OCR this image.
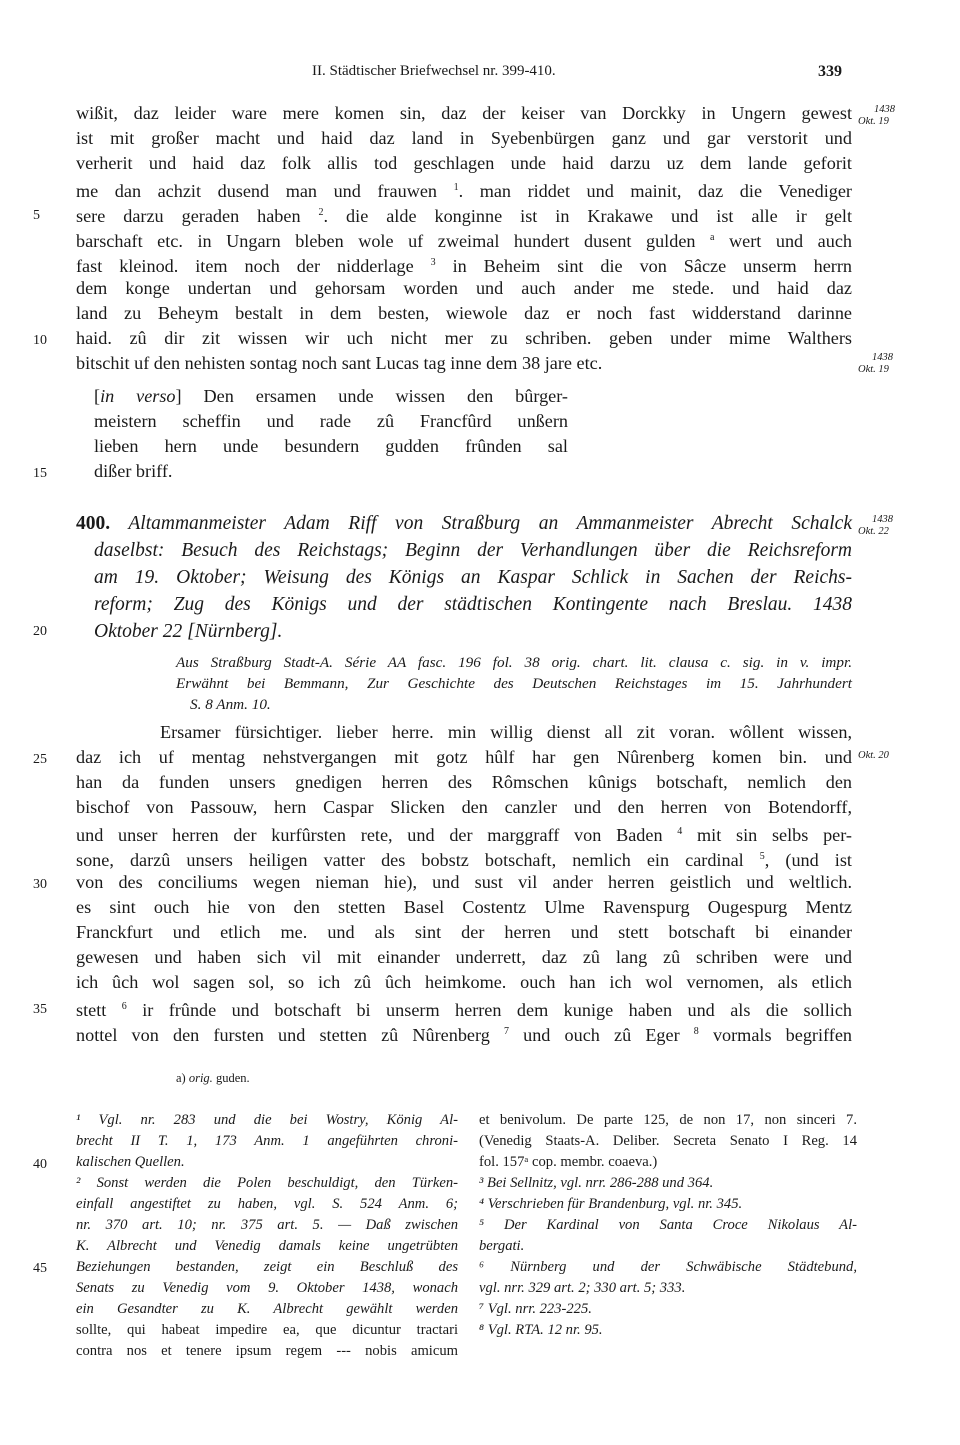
II. Städtischer Briefwechsel nr. 399-410.	339
1438
Okt. 19
1438
Okt. 19
1438
Okt. 22
Okt. 20
5
10
15
20
25
30
35
40
45
wißit, daz leider ware mere komen sin, daz der keiser van Dorckky in Ungern gewest
ist mit großer macht und haid daz land in Syebenbürgen ganz und gar verstorit und
verherit und haid daz folk allis tod geschlagen unde haid darzu uz dem lande geforit
me dan achzit dusend man und frauwen $^1$. man riddet und mainit, daz die Venediger
sere darzu geraden haben $^2$. die alde konginne ist in Krakawe und ist alle ir gelt
barschaft etc. in Ungarn bleben wole uf zweimal hundert dusent gulden $^a$ wert und auch
fast kleinod. item noch der nidderlage $^3$ in Beheim sint die von Sâcze unserm herrn
dem konge undertan und gehorsam worden und auch ander me stede. und haid daz
land zu Beheym bestalt in dem besten, wiewole daz er noch fast widderstand darinne
haid. zû dir zit wissen wir uch nicht mer zu schriben. geben under mime Walthers
bitschit uf den nehisten sontag noch sant Lucas tag inne dem 38 jare etc.
[in verso] Den ersamen unde wissen den bûrger-
meistern scheffin und rade zû Francfûrd unßern
lieben hern unde besundern gudden frûnden sal
dißer briff.
400. Altammanmeister Adam Riff von Straßburg an Ammanmeister Abrecht Schalck
daselbst: Besuch des Reichstags; Beginn der Verhandlungen über die Reichsreform
am 19. Oktober; Weisung des Königs an Kaspar Schlick in Sachen der Reichs-
reform; Zug des Königs und der städtischen Kontingente nach Breslau. 1438
Oktober 22 [Nürnberg].
Aus Straßburg Stadt-A. Série AA fasc. 196 fol. 38 orig. chart. lit. clausa c. sig. in v. impr.
Erwähnt bei Bemmann, Zur Geschichte des Deutschen Reichstages im 15. Jahrhundert
S. 8 Anm. 10.
Ersamer fürsichtiger. lieber herre. min willig dienst all zit voran. wôllent wissen,
daz ich uf mentag nehstvergangen mit gotz hûlf har gen Nûrenberg komen bin. und
han da funden unsers gnedigen herren des Rômschen kûnigs botschaft, nemlich den
bischof von Passouw, hern Caspar Slicken den canzler und den herren von Botendorff,
und unser herren der kurfûrsten rete, und der marggraff von Baden $^4$ mit sin selbs per-
sone, darzû unsers heiligen vatter des bobstz botschaft, nemlich ein cardinal $^5$, (und ist
von des conciliums wegen nieman hie), und sust vil ander herren geistlich und weltlich.
es sint ouch hie von den stetten Basel Costentz Ulme Ravenspurg Ougespurg Mentz
Franckfurt und etlich me. und als sint der herren und stett botschaft bi einander
gewesen und haben sich vil mit einander underrett, daz zû lang zû schriben were und
ich ûch wol sagen sol, so ich zû ûch heimkome. ouch han ich wol vernomen, als etlich
stett $^6$ ir frûnde und botschaft bi unserm herren dem kunige haben und als die sollich
nottel von den fursten und stetten zû Nûrenberg $^7$ und ouch zû Eger $^8$ vormals begriffen
a) orig. guden.
¹ Vgl. nr. 283 und die bei Wostry, König Al-
brecht II T. 1, 173 Anm. 1 angeführten chroni-
kalischen Quellen.
² Sonst werden die Polen beschuldigt, den Türken-
einfall angestiftet zu haben, vgl. S. 524 Anm. 6;
nr. 370 art. 10; nr. 375 art. 5. — Daß zwischen
K. Albrecht und Venedig damals keine ungetrübten
Beziehungen bestanden, zeigt ein Beschluß des
Senats zu Venedig vom 9. Oktober 1438, wonach
ein Gesandter zu K. Albrecht gewählt werden
sollte, qui habeat impedire ea, que dicuntur tractari
contra nos et tenere ipsum regem --- nobis amicum
et benivolum. De parte 125, de non 17, non sinceri 7.
(Venedig Staats-A. Deliber. Secreta Senato I Reg. 14
fol. 157ᵃ cop. membr. coaeva.)
³ Bei Sellnitz, vgl. nrr. 286-288 und 364.
⁴ Verschrieben für Brandenburg, vgl. nr. 345.
⁵ Der Kardinal von Santa Croce Nikolaus Al-
bergati.
⁶ Nürnberg und der Schwäbische Städtebund,
vgl. nrr. 329 art. 2; 330 art. 5; 333.
⁷ Vgl. nrr. 223-225.
⁸ Vgl. RTA. 12 nr. 95.
